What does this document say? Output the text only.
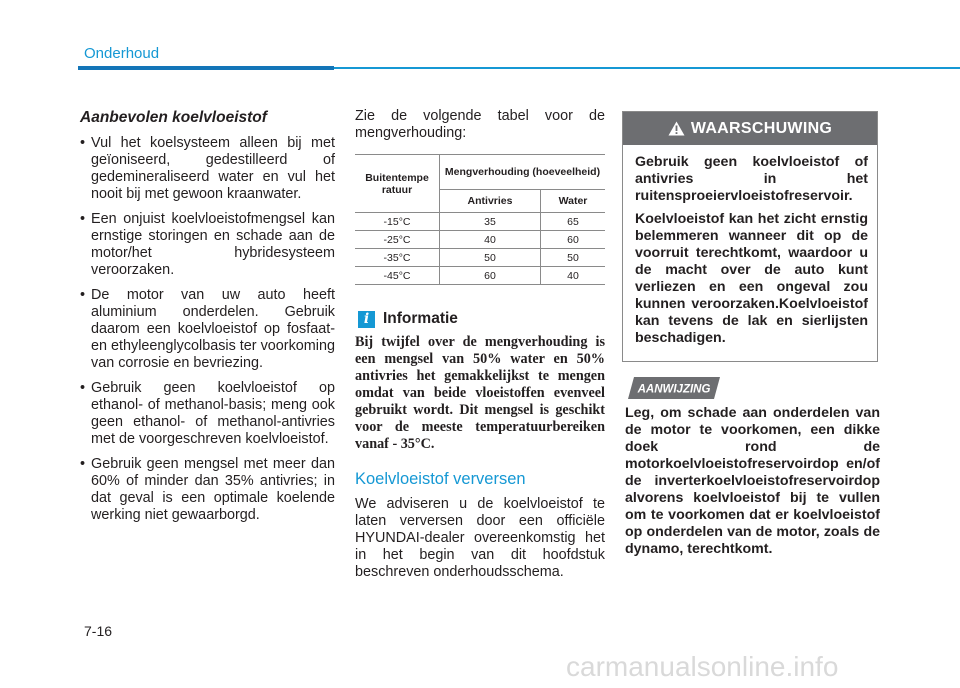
Onderhoud

Aanbevolen koelvloeistof

• Vul het koelsysteem alleen bij met geïoniseerd, gedestilleerd of gedemineraliseerd water en vul het nooit bij met gewoon kraanwater.
• Een onjuist koelvloeistofmengsel kan ernstige storingen en schade aan de motor/het hybridesysteem veroorzaken.
• De motor van uw auto heeft aluminium onderdelen. Gebruik daarom een koelvloeistof op fosfaat- en ethyleenglycolbasis ter voorkoming van corrosie en bevriezing.
• Gebruik geen koelvloeistof op ethanol- of methanol-basis; meng ook geen ethanol- of methanol-antivries met de voorgeschreven koelvloeistof.
• Gebruik geen mengsel met meer dan 60% of minder dan 35% antivries; in dat geval is een optimale koelende werking niet gewaarborgd.

Zie de volgende tabel voor de mengverhouding:

Buitentempe ratuur	Mengverhouding (hoeveelheid)	
	Antivries	Water
-15°C	35	65
-25°C	40	60
-35°C	50	50
-45°C	60	40
i Informatie

Bij twijfel over de mengverhouding is een mengsel van 50% water en 50% antivries het gemakkelijkst te mengen omdat van beide vloeistoffen evenveel gebruikt wordt. Dit mengsel is geschikt voor de meeste temperatuurbereiken vanaf - 35°C.

Koelvloeistof verversen

We adviseren u de koelvloeistof te laten verversen door een officiële HYUNDAI-dealer overeenkomstig het in het begin van dit hoofdstuk beschreven onderhoudsschema.

WAARSCHUWING

Gebruik geen koelvloeistof of antivries in het ruitensproeiervloeistofreservoir.

Koelvloeistof kan het zicht ernstig belemmeren wanneer dit op de voorruit terechtkomt, waardoor u de macht over de auto kunt verliezen en een ongeval zou kunnen veroorzaken.Koelvloeistof kan tevens de lak en sierlijsten beschadigen.

AANWIJZING

Leg, om schade aan onderdelen van de motor te voorkomen, een dikke doek rond de motorkoelvloeistofreservoirdop en/of de inverterkoelvloeistofreservoirdop alvorens koelvloeistof bij te vullen om te voorkomen dat er koelvloeistof op onderdelen van de motor, zoals de dynamo, terechtkomt.

7-16
carmanualsonline.info
